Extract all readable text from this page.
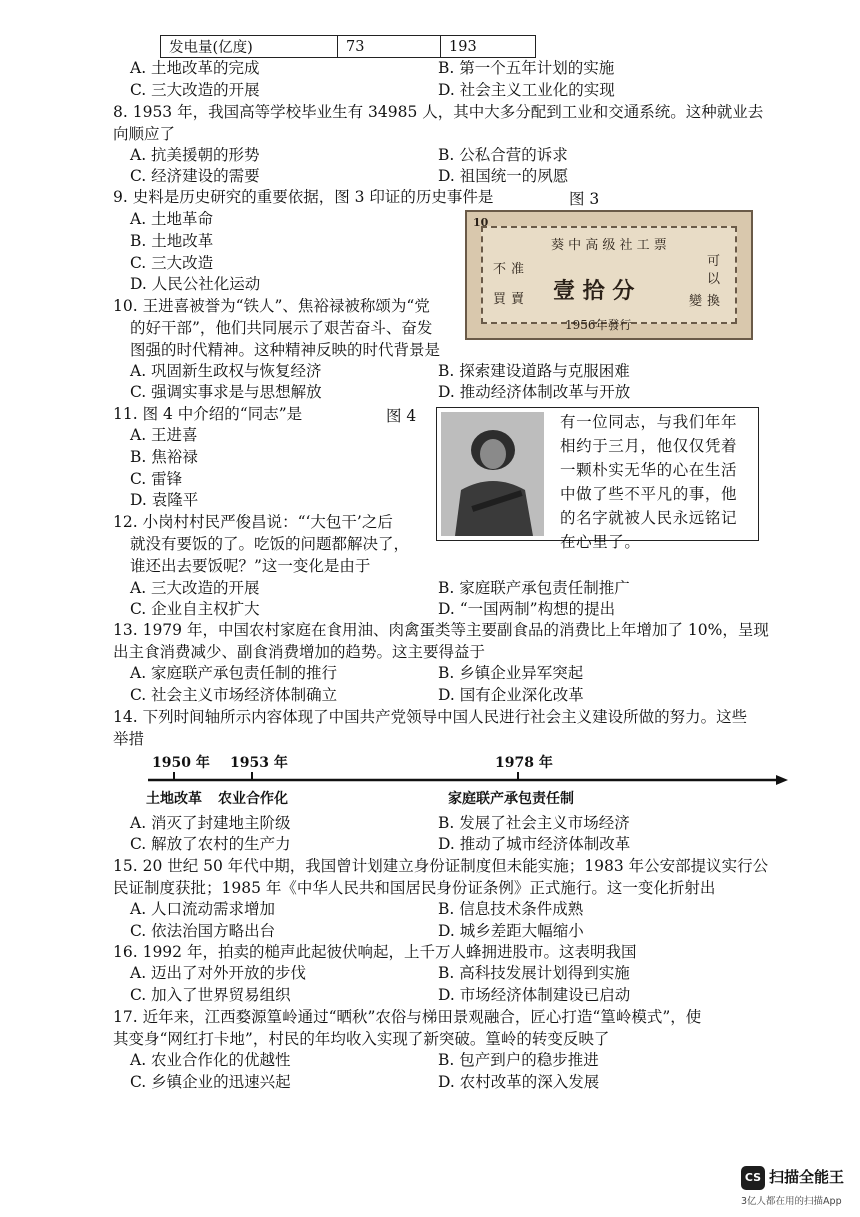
发电量(亿度)	73	193
A. 土地改革的完成	B. 第一个五年计划的实施
C. 三大改造的开展	D. 社会主义工业化的实现
8. 1953 年，我国高等学校毕业生有 34985 人，其中大多分配到工业和交通系统。这种就业去
向顺应了
A. 抗美援朝的形势	B. 公私合营的诉求
C. 经济建设的需要	D. 祖国统一的夙愿
9. 史料是历史研究的重要依据，图 3 印证的历史事件是	图 3
A. 土地革命
B. 土地改革
C. 三大改造
D. 人民公社化运动
10
葵 中 高 级 社 工 票
不 准
買 賣
可
以
變 換
壹 拾 分
1956年發行
10. 王进喜被誉为“铁人”、焦裕禄被称颂为“党
的好干部”，他们共同展示了艰苦奋斗、奋发
图强的时代精神。这种精神反映的时代背景是
A. 巩固新生政权与恢复经济	B. 探索建设道路与克服困难
C. 强调实事求是与思想解放	D. 推动经济体制改革与开放
11. 图 4 中介绍的“同志”是	图 4
A. 王进喜
B. 焦裕禄
C. 雷锋
D. 袁隆平
有一位同志，与我们年年
相约于三月，他仅仅凭着
一颗朴实无华的心在生活
中做了些不平凡的事，他
的名字就被人民永远铭记
在心里了。
12. 小岗村村民严俊昌说：“‘大包干’之后
就没有要饭的了。吃饭的问题都解决了，
谁还出去要饭呢？”这一变化是由于
A. 三大改造的开展	B. 家庭联产承包责任制推广
C. 企业自主权扩大	D. “一国两制”构想的提出
13. 1979 年，中国农村家庭在食用油、肉禽蛋类等主要副食品的消费比上年增加了 10%，呈现
出主食消费减少、副食消费增加的趋势。这主要得益于
A. 家庭联产承包责任制的推行	B. 乡镇企业异军突起
C. 社会主义市场经济体制确立	D. 国有企业深化改革
14. 下列时间轴所示内容体现了中国共产党领导中国人民进行社会主义建设所做的努力。这些
举措
1950 年 1953 年	1978 年
土地改革 农业合作化	家庭联产承包责任制
A. 消灭了封建地主阶级	B. 发展了社会主义市场经济
C. 解放了农村的生产力	D. 推动了城市经济体制改革
15. 20 世纪 50 年代中期，我国曾计划建立身份证制度但未能实施；1983 年公安部提议实行公
民证制度获批；1985 年《中华人民共和国居民身份证条例》正式施行。这一变化折射出
A. 人口流动需求增加	B. 信息技术条件成熟
C. 依法治国方略出台	D. 城乡差距大幅缩小
16. 1992 年，拍卖的槌声此起彼伏响起，上千万人蜂拥进股市。这表明我国
A. 迈出了对外开放的步伐	B. 高科技发展计划得到实施
C. 加入了世界贸易组织	D. 市场经济体制建设已启动
17. 近年来，江西婺源篁岭通过“晒秋”农俗与梯田景观融合，匠心打造“篁岭模式”，使
其变身“网红打卡地”，村民的年均收入实现了新突破。篁岭的转变反映了
A. 农业合作化的优越性	B. 包产到户的稳步推进
C. 乡镇企业的迅速兴起	D. 农村改革的深入发展
CS 扫描全能王
3亿人都在用的扫描App
